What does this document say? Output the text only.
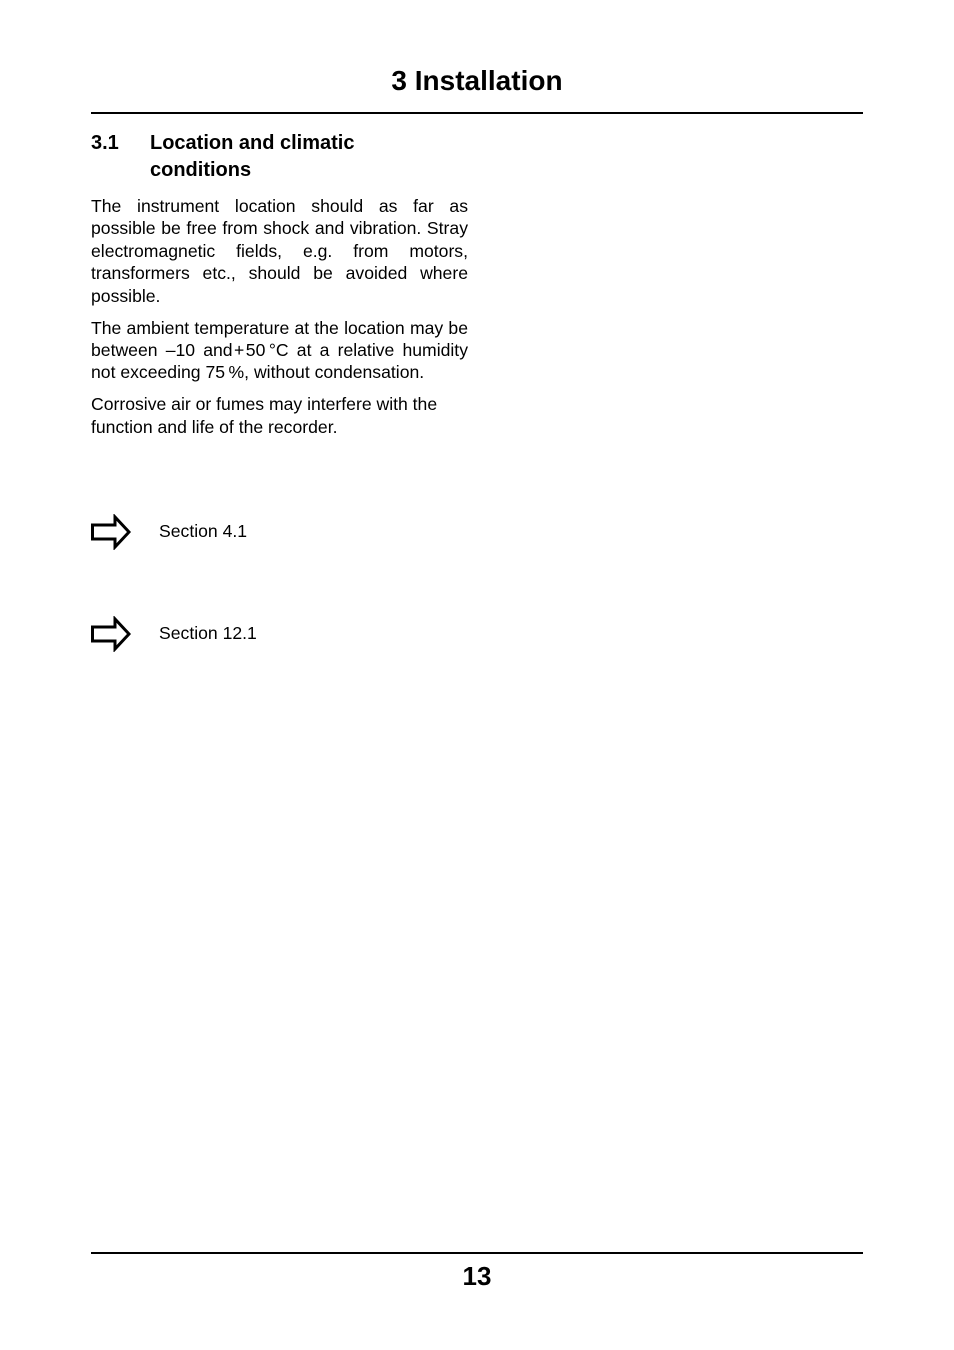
3 Installation
3.1 Location and climatic conditions

The instrument location should as far as possible be free from shock and vibration. Stray electromagnetic fields, e.g. from motors, transformers etc., should be avoided where possible.

The ambient temperature at the location may be between –10 and + 50 °C at a relative humidity not exceeding 75 %, without condensation.

Corrosive air or fumes may interfere with the function and life of the recorder.

Section 4.1
Section 12.1
13
